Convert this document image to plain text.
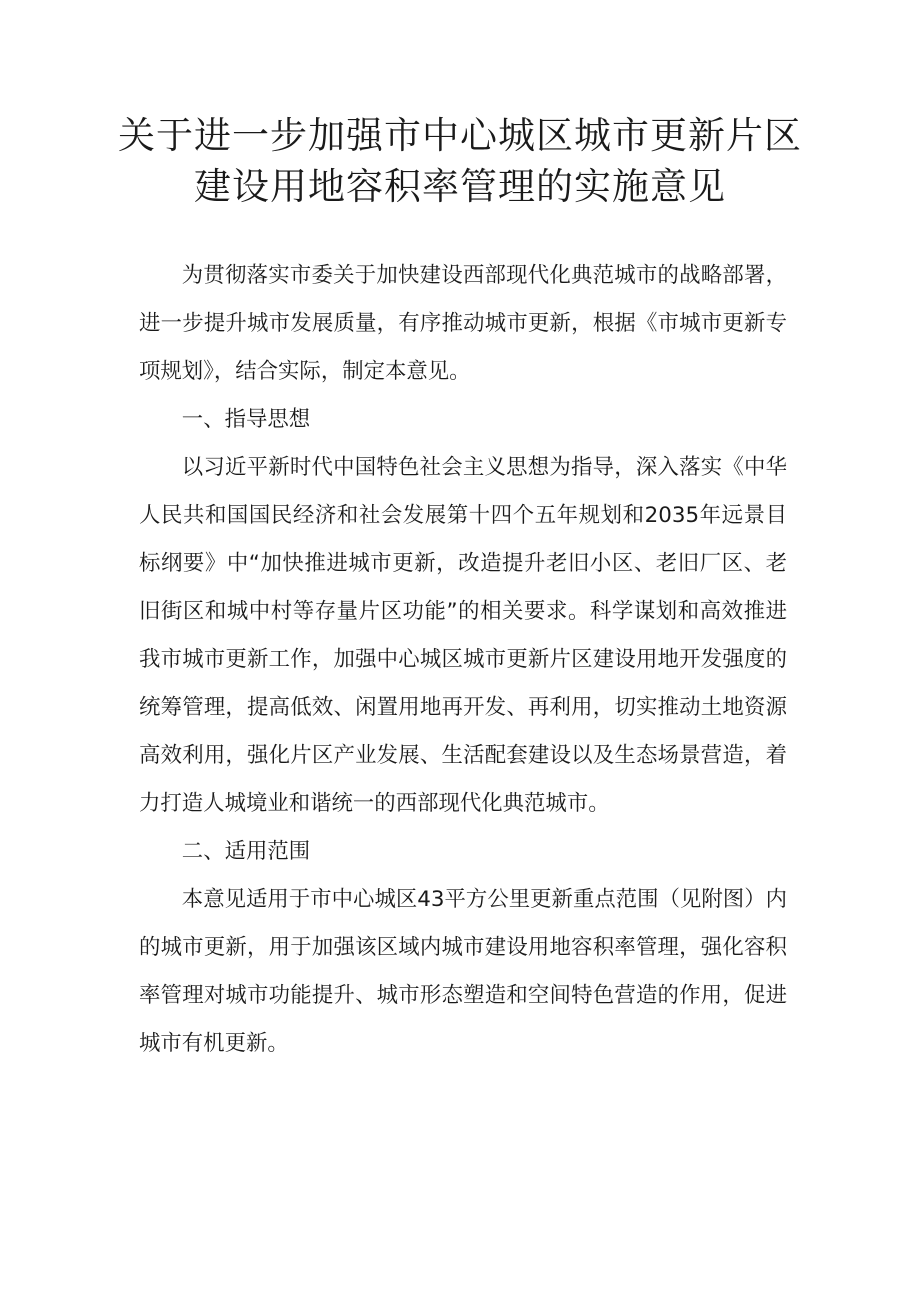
关于进一步加强市中心城区城市更新片区
建设用地容积率管理的实施意见

为贯彻落实市委关于加快建设西部现代化典范城市的战略部署，进一步提升城市发展质量，有序推动城市更新，根据《市城市更新专项规划》，结合实际，制定本意见。

一、指导思想

以习近平新时代中国特色社会主义思想为指导，深入落实《中华人民共和国国民经济和社会发展第十四个五年规划和2035年远景目标纲要》中“加快推进城市更新，改造提升老旧小区、老旧厂区、老旧街区和城中村等存量片区功能”的相关要求。科学谋划和高效推进我市城市更新工作，加强中心城区城市更新片区建设用地开发强度的统筹管理，提高低效、闲置用地再开发、再利用，切实推动土地资源高效利用，强化片区产业发展、生活配套建设以及生态场景营造，着力打造人城境业和谐统一的西部现代化典范城市。

二、适用范围

本意见适用于市中心城区43平方公里更新重点范围（见附图）内的城市更新，用于加强该区域内城市建设用地容积率管理，强化容积率管理对城市功能提升、城市形态塑造和空间特色营造的作用，促进城市有机更新。
